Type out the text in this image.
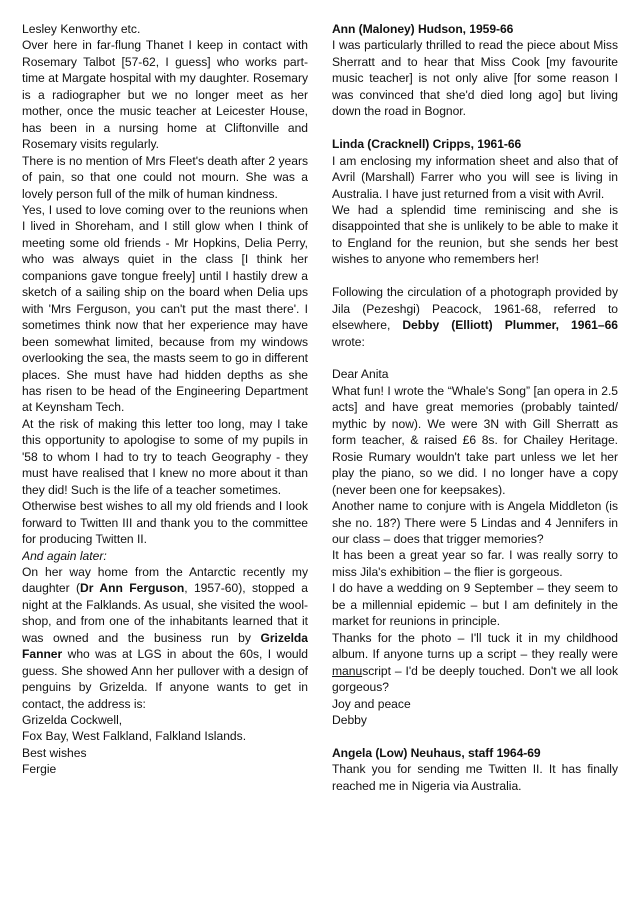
Lesley Kenworthy etc.

Over here in far-flung Thanet I keep in contact with Rosemary Talbot [57-62, I guess] who works part-time at Margate hospital with my daughter. Rosemary is a radiographer but we no longer meet as her mother, once the music teacher at Leicester House, has been in a nursing home at Cliftonville and Rosemary visits regularly.

There is no mention of Mrs Fleet's death after 2 years of pain, so that one could not mourn. She was a lovely person full of the milk of human kindness.

Yes, I used to love coming over to the reunions when I lived in Shoreham, and I still glow when I think of meeting some old friends - Mr Hopkins, Delia Perry, who was always quiet in the class [I think her companions gave tongue freely] until I hastily drew a sketch of a sailing ship on the board when Delia ups with 'Mrs Ferguson, you can't put the mast there'. I sometimes think now that her experience may have been somewhat limited, because from my windows overlooking the sea, the masts seem to go in different places. She must have had hidden depths as she has risen to be head of the Engineering Department at Keynsham Tech.

At the risk of making this letter too long, may I take this opportunity to apologise to some of my pupils in '58 to whom I had to try to teach Geography - they must have realised that I knew no more about it than they did! Such is the life of a teacher sometimes.

Otherwise best wishes to all my old friends and I look forward to Twitten III and thank you to the committee for producing Twitten II.

And again later:

On her way home from the Antarctic recently my daughter (Dr Ann Ferguson, 1957-60), stopped a night at the Falklands. As usual, she visited the wool-shop, and from one of the inhabitants learned that it was owned and the business run by Grizelda Fanner who was at LGS in about the 60s, I would guess. She showed Ann her pullover with a design of penguins by Grizelda. If anyone wants to get in contact, the address is:

Grizelda Cockwell,
Fox Bay, West Falkland, Falkland Islands.
Best wishes
Fergie
Ann (Maloney) Hudson, 1959-66

I was particularly thrilled to read the piece about Miss Sherratt and to hear that Miss Cook [my favourite music teacher] is not only alive [for some reason I was convinced that she'd died long ago] but living down the road in Bognor.

Linda (Cracknell) Cripps, 1961-66

I am enclosing my information sheet and also that of Avril (Marshall) Farrer who you will see is living in Australia. I have just returned from a visit with Avril.

We had a splendid time reminiscing and she is disappointed that she is unlikely to be able to make it to England for the reunion, but she sends her best wishes to anyone who remembers her!

Following the circulation of a photograph provided by Jila (Pezeshgi) Peacock, 1961-68, referred to elsewhere, Debby (Elliott) Plummer, 1961–66 wrote:

Dear Anita

What fun! I wrote the “Whale's Song” [an opera in 2.5 acts] and have great memories (probably tainted/ mythic by now). We were 3N with Gill Sherratt as form teacher, & raised £6 8s. for Chailey Heritage. Rosie Rumary wouldn't take part unless we let her play the piano, so we did. I no longer have a copy (never been one for keepsakes).

Another name to conjure with is Angela Middleton (is she no. 18?) There were 5 Lindas and 4 Jennifers in our class – does that trigger memories?

It has been a great year so far. I was really sorry to miss Jila's exhibition – the flier is gorgeous.

I do have a wedding on 9 September – they seem to be a millennial epidemic – but I am definitely in the market for reunions in principle.

Thanks for the photo – I'll tuck it in my childhood album. If anyone turns up a script – they really were manuscript – I'd be deeply touched. Don't we all look gorgeous?

Joy and peace
Debby

Angela (Low) Neuhaus, staff 1964-69

Thank you for sending me Twitten II. It has finally reached me in Nigeria via Australia.
